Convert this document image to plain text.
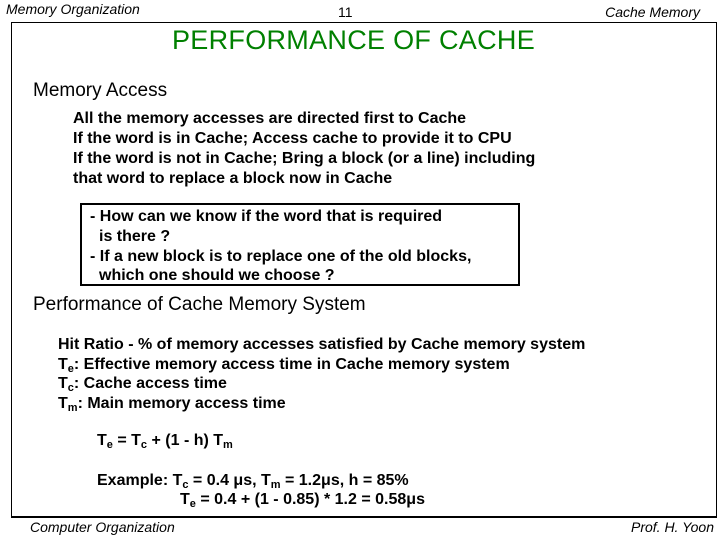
Memory Organization	11	Cache Memory
PERFORMANCE OF CACHE
Memory Access
All the memory accesses are directed first to Cache
If the word is in Cache; Access cache to provide it to CPU
If the word is not in Cache; Bring a block (or a line) including
that word to replace a block now in Cache
- How can we know if the word that is required
is there ?
- If a new block is to replace one of the old blocks,
which one should we choose ?
Performance of Cache Memory System
Hit Ratio - % of memory accesses satisfied by Cache memory system
$T_e$: Effective memory access time in Cache memory system
$T_c$: Cache access time
$T_m$: Main memory access time
$T_e = T_c + (1 - h)$ $T_m$
Example: $T_c = 0.4$ μs, $T_m = 1.2\mu s$, h = 85%
$T_e = 0.4 + (1 - 0.85) * 1.2 = 0.58\mu s$
Computer Organization	Prof. H. Yoon
